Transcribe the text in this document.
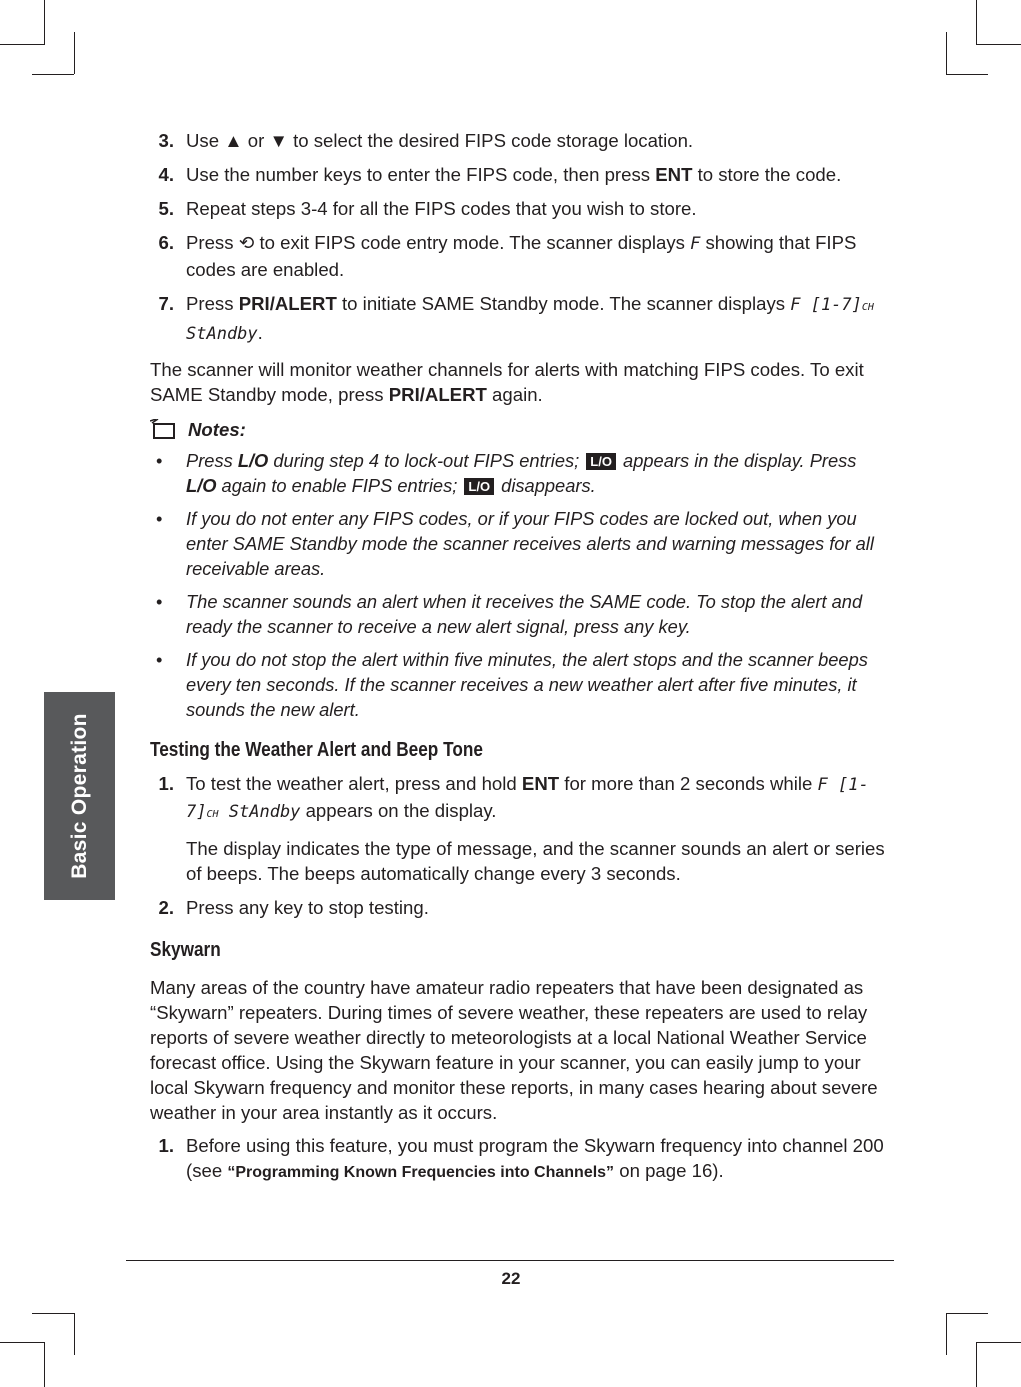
Basic Operation
3. Use ▲ or ▼ to select the desired FIPS code storage location.
4. Use the number keys to enter the FIPS code, then press ENT to store the code.
5. Repeat steps 3-4 for all the FIPS codes that you wish to store.
6. Press ⟲ to exit FIPS code entry mode. The scanner displays F showing that FIPS codes are enabled.
7. Press PRI/ALERT to initiate SAME Standby mode. The scanner displays F [1-7]CH StAndby.
The scanner will monitor weather channels for alerts with matching FIPS codes. To exit SAME Standby mode, press PRI/ALERT again.
Notes:
• Press L/O during step 4 to lock-out FIPS entries; L/O appears in the display. Press L/O again to enable FIPS entries; L/O disappears.
• If you do not enter any FIPS codes, or if your FIPS codes are locked out, when you enter SAME Standby mode the scanner receives alerts and warning messages for all receivable areas.
• The scanner sounds an alert when it receives the SAME code. To stop the alert and ready the scanner to receive a new alert signal, press any key.
• If you do not stop the alert within five minutes, the alert stops and the scanner beeps every ten seconds. If the scanner receives a new weather alert after five minutes, it sounds the new alert.
Testing the Weather Alert and Beep Tone
1. To test the weather alert, press and hold ENT for more than 2 seconds while F [1-7]CH StAndby appears on the display.
The display indicates the type of message, and the scanner sounds an alert or series of beeps. The beeps automatically change every 3 seconds.
2. Press any key to stop testing.
Skywarn
Many areas of the country have amateur radio repeaters that have been designated as “Skywarn” repeaters. During times of severe weather, these repeaters are used to relay reports of severe weather directly to meteorologists at a local National Weather Service forecast office. Using the Skywarn feature in your scanner, you can easily jump to your local Skywarn frequency and monitor these reports, in many cases hearing about severe weather in your area instantly as it occurs.
1. Before using this feature, you must program the Skywarn frequency into channel 200 (see “Programming Known Frequencies into Channels” on page 16).
22
